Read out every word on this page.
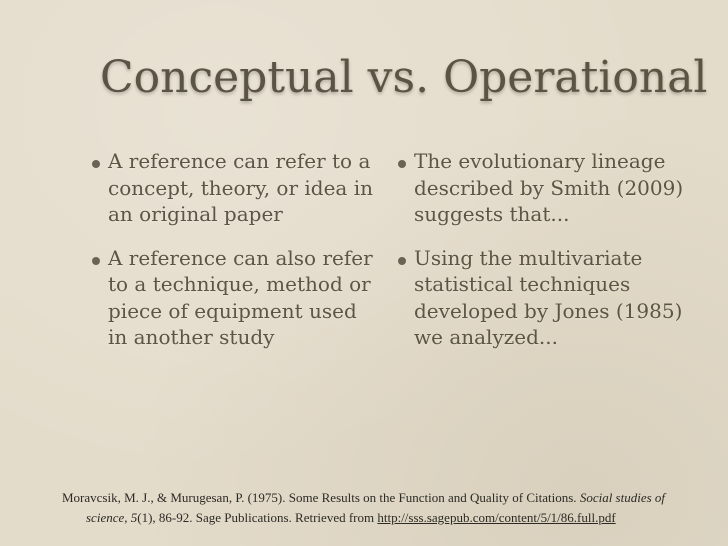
Conceptual vs. Operational
A reference can refer to a concept, theory, or idea in an original paper
A reference can also refer to a technique, method or piece of equipment used in another study
The evolutionary lineage described by Smith (2009) suggests that...
Using the multivariate statistical techniques developed by Jones (1985) we analyzed...
Moravcsik, M. J., & Murugesan, P. (1975). Some Results on the Function and Quality of Citations. Social studies of
science, 5(1), 86-92. Sage Publications. Retrieved from http://sss.sagepub.com/content/5/1/86.full.pdf
